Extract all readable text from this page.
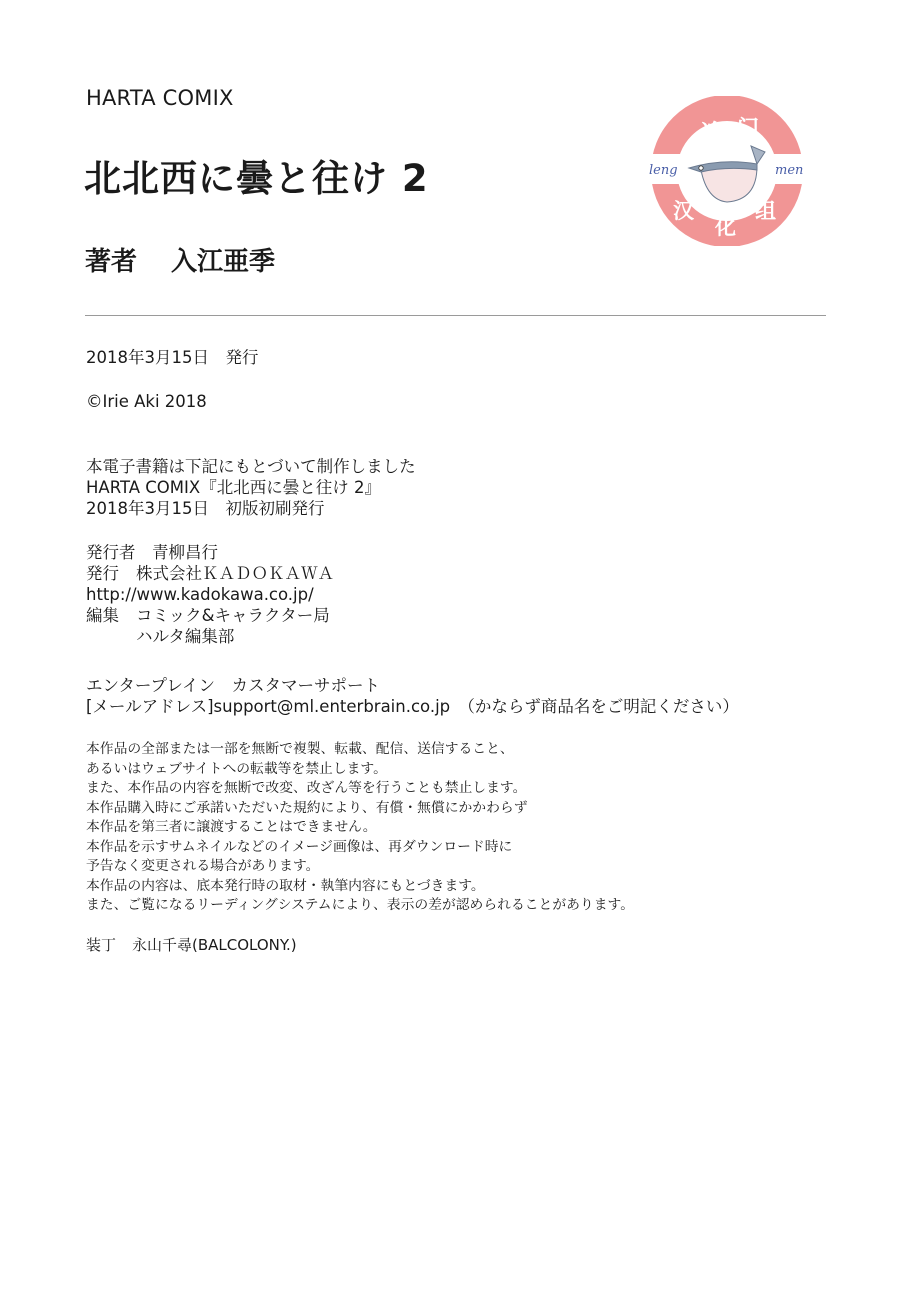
HARTA COMIX
北北西に曇と往け 2
著者 入江亜季
冷 门
汉
化
组
leng	men
2018年3月15日　発行
©Irie Aki 2018
本電子書籍は下記にもとづいて制作しました
HARTA COMIX『北北西に曇と往け 2』
2018年3月15日　初版初刷発行
発行者	青柳昌行
発行	株式会社ＫＡＤＯＫＡＷＡ
http://www.kadokawa.co.jp/
編集	コミック&キャラクター局
ハルタ編集部
エンタープレイン　カスタマーサポート
[メールアドレス]support@ml.enterbrain.co.jp　（かならず商品名をご明記ください）
本作品の全部または一部を無断で複製、転載、配信、送信すること、
あるいはウェブサイトへの転載等を禁止します。
また、本作品の内容を無断で改変、改ざん等を行うことも禁止します。
本作品購入時にご承諾いただいた規約により、有償・無償にかかわらず
本作品を第三者に譲渡することはできません。
本作品を示すサムネイルなどのイメージ画像は、再ダウンロード時に
予告なく変更される場合があります。
本作品の内容は、底本発行時の取材・執筆内容にもとづきます。
また、ご覧になるリーディングシステムにより、表示の差が認められることがあります。
装丁 永山千尋(BALCOLONY.)
